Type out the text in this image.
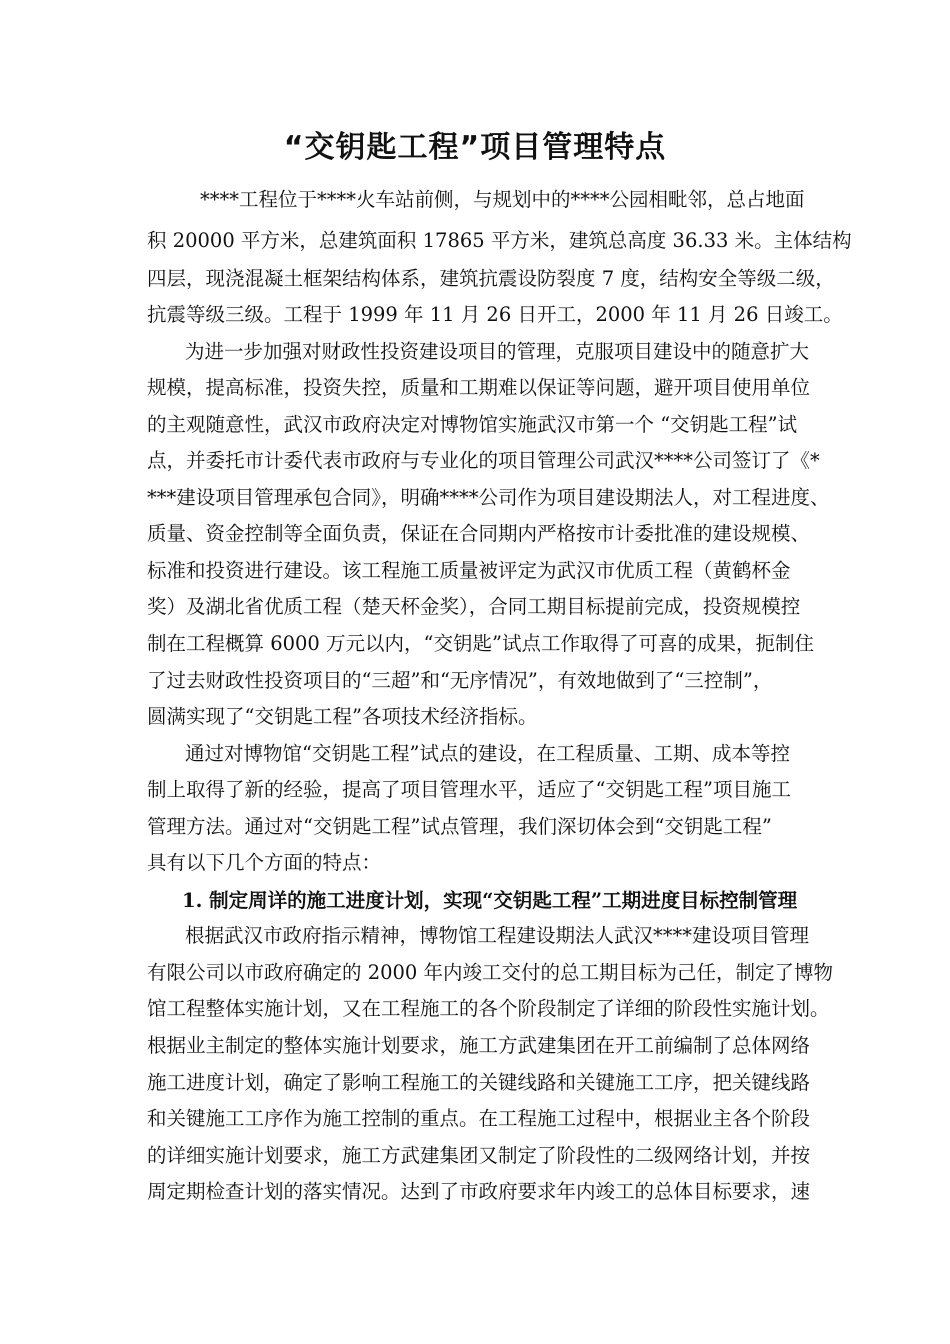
“交钥匙工程”项目管理特点
****工程位于****火车站前侧，与规划中的****公园相毗邻，总占地面
积 20000 平方米，总建筑面积 17865 平方米，建筑总高度 36.33 米。主体结构
四层，现浇混凝土框架结构体系，建筑抗震设防裂度 7 度，结构安全等级二级，
抗震等级三级。工程于 1999 年 11 月 26 日开工，2000 年 11 月 26 日竣工。
为进一步加强对财政性投资建设项目的管理，克服项目建设中的随意扩大
规模，提高标准，投资失控，质量和工期难以保证等问题，避开项目使用单位
的主观随意性，武汉市政府决定对博物馆实施武汉市第一个 “交钥匙工程”试
点，并委托市计委代表市政府与专业化的项目管理公司武汉****公司签订了《*
***建设项目管理承包合同》，明确****公司作为项目建设期法人，对工程进度、
质量、资金控制等全面负责，保证在合同期内严格按市计委批准的建设规模、
标准和投资进行建设。该工程施工质量被评定为武汉市优质工程（黄鹤杯金
奖）及湖北省优质工程（楚天杯金奖），合同工期目标提前完成，投资规模控
制在工程概算 6000 万元以内，“交钥匙”试点工作取得了可喜的成果，扼制住
了过去财政性投资项目的“三超”和“无序情况”，有效地做到了“三控制”，
圆满实现了“交钥匙工程”各项技术经济指标。
通过对博物馆“交钥匙工程”试点的建设，在工程质量、工期、成本等控
制上取得了新的经验，提高了项目管理水平，适应了“交钥匙工程”项目施工
管理方法。通过对“交钥匙工程”试点管理，我们深切体会到“交钥匙工程”
具有以下几个方面的特点：
1. 制定周详的施工进度计划，实现“交钥匙工程”工期进度目标控制管理
根据武汉市政府指示精神，博物馆工程建设期法人武汉****建设项目管理
有限公司以市政府确定的 2000 年内竣工交付的总工期目标为己任，制定了博物
馆工程整体实施计划，又在工程施工的各个阶段制定了详细的阶段性实施计划。
根据业主制定的整体实施计划要求，施工方武建集团在开工前编制了总体网络
施工进度计划，确定了影响工程施工的关键线路和关键施工工序，把关键线路
和关键施工工序作为施工控制的重点。在工程施工过程中，根据业主各个阶段
的详细实施计划要求，施工方武建集团又制定了阶段性的二级网络计划，并按
周定期检查计划的落实情况。达到了市政府要求年内竣工的总体目标要求，速
